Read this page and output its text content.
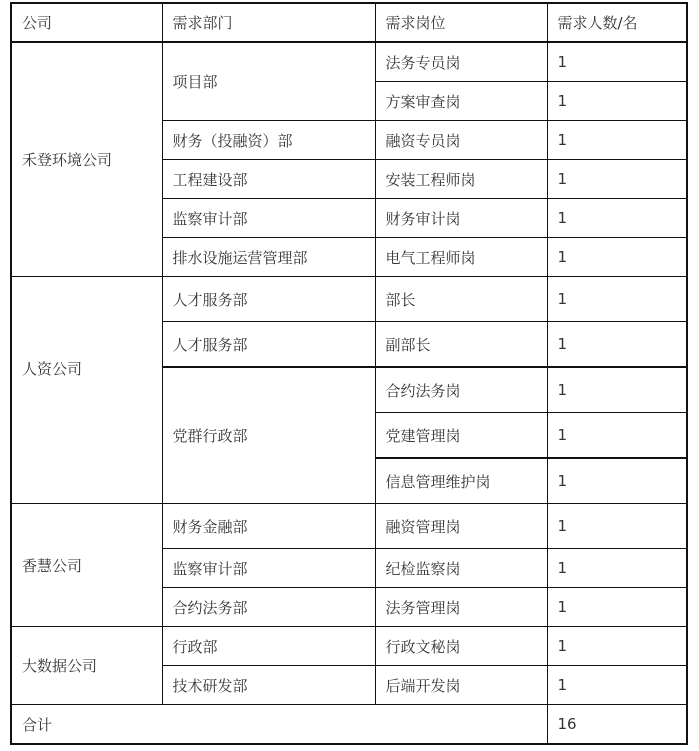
公司	需求部门	需求岗位	需求人数/名
禾登环境公司	项目部	法务专员岗	1
		方案审查岗	1
	财务（投融资）部	融资专员岗	1
	工程建设部	安装工程师岗	1
	监察审计部	财务审计岗	1
	排水设施运营管理部	电气工程师岗	1
人资公司	人才服务部	部长	1
	人才服务部	副部长	1
	党群行政部	合约法务岗	1
		党建管理岗	1
		信息管理维护岗	1
香慧公司	财务金融部	融资管理岗	1
	监察审计部	纪检监察岗	1
	合约法务部	法务管理岗	1
大数据公司	行政部	行政文秘岗	1
	技术研发部	后端开发岗	1
合计			16
